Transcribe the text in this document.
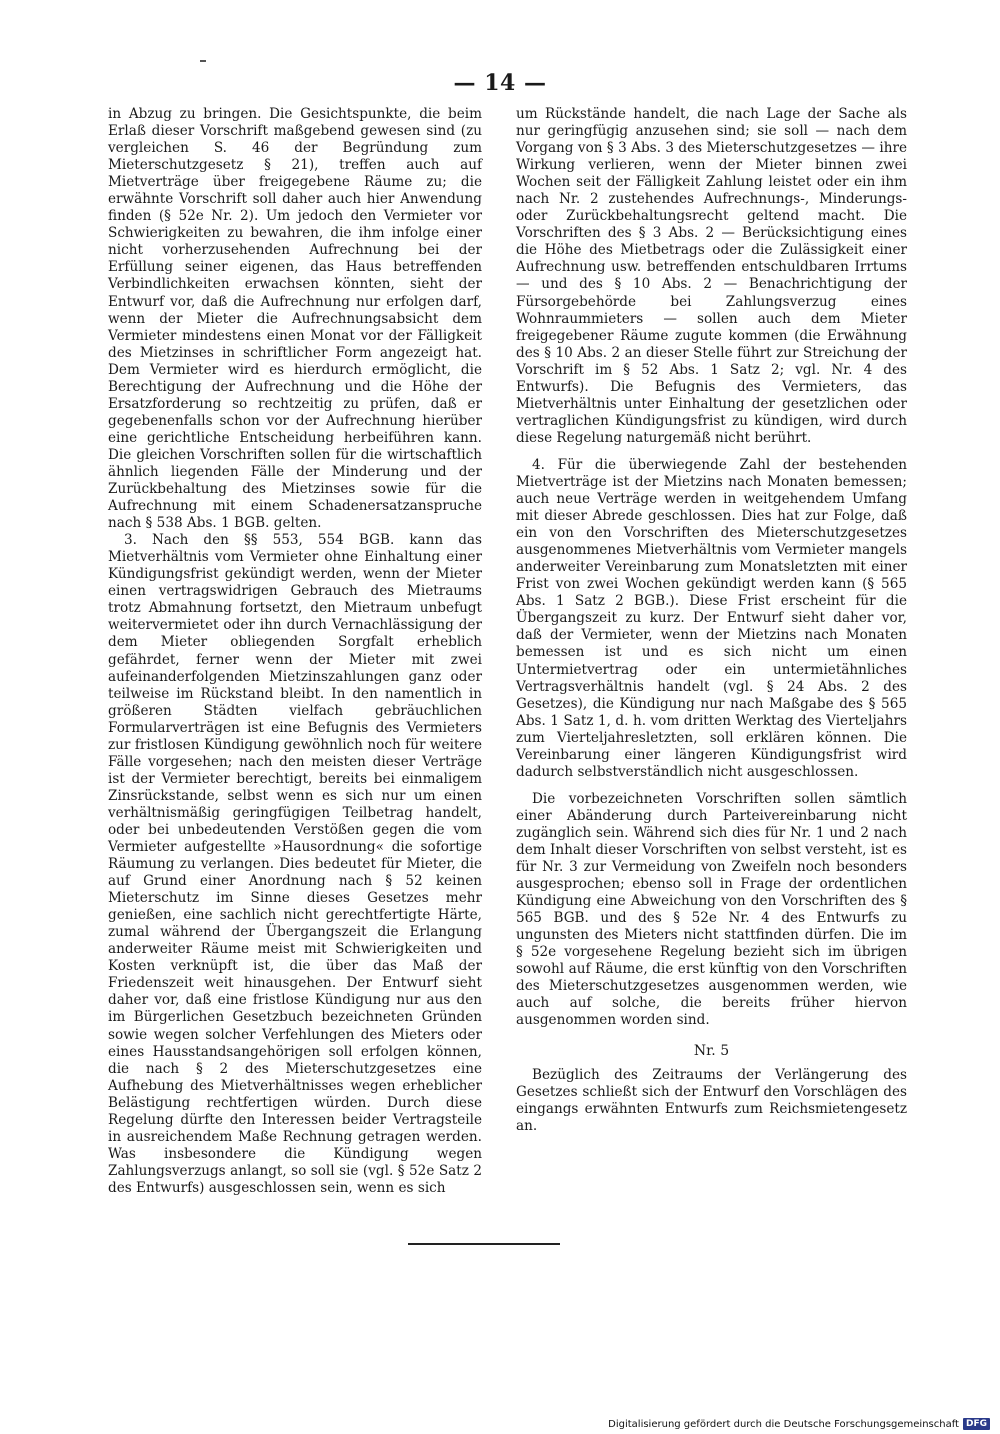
— 14 —

in Abzug zu bringen. Die Gesichtspunkte, die beim Erlaß dieser Vorschrift maßgebend gewesen sind (zu vergleichen S. 46 der Begründung zum Mieterschutzgesetz § 21), treffen auch auf Mietverträge über freigegebene Räume zu; die erwähnte Vorschrift soll daher auch hier Anwendung finden (§ 52e Nr. 2). Um jedoch den Vermieter vor Schwierigkeiten zu bewahren, die ihm infolge einer nicht vorherzusehenden Aufrechnung bei der Erfüllung seiner eigenen, das Haus betreffenden Verbindlichkeiten erwachsen könnten, sieht der Entwurf vor, daß die Aufrechnung nur erfolgen darf, wenn der Mieter die Aufrechnungsabsicht dem Vermieter mindestens einen Monat vor der Fälligkeit des Mietzinses in schriftlicher Form angezeigt hat. Dem Vermieter wird es hierdurch ermöglicht, die Berechtigung der Aufrechnung und die Höhe der Ersatzforderung so rechtzeitig zu prüfen, daß er gegebenenfalls schon vor der Aufrechnung hierüber eine gerichtliche Entscheidung herbeiführen kann. Die gleichen Vorschriften sollen für die wirtschaftlich ähnlich liegenden Fälle der Minderung und der Zurückbehaltung des Mietzinses sowie für die Aufrechnung mit einem Schadenersatzanspruche nach § 538 Abs. 1 BGB. gelten.

3. Nach den §§ 553, 554 BGB. kann das Mietverhältnis vom Vermieter ohne Einhaltung einer Kündigungsfrist gekündigt werden, wenn der Mieter einen vertragswidrigen Gebrauch des Mietraums trotz Abmahnung fortsetzt, den Mietraum unbefugt weitervermietet oder ihn durch Vernachlässigung der dem Mieter obliegenden Sorgfalt erheblich gefährdet, ferner wenn der Mieter mit zwei aufeinanderfolgenden Mietzinszahlungen ganz oder teilweise im Rückstand bleibt. In den namentlich in größeren Städten vielfach gebräuchlichen Formularverträgen ist eine Befugnis des Vermieters zur fristlosen Kündigung gewöhnlich noch für weitere Fälle vorgesehen; nach den meisten dieser Verträge ist der Vermieter berechtigt, bereits bei einmaligem Zinsrückstande, selbst wenn es sich nur um einen verhältnismäßig geringfügigen Teilbetrag handelt, oder bei unbedeutenden Verstößen gegen die vom Vermieter aufgestellte »Hausordnung« die sofortige Räumung zu verlangen. Dies bedeutet für Mieter, die auf Grund einer Anordnung nach § 52 keinen Mieterschutz im Sinne dieses Gesetzes mehr genießen, eine sachlich nicht gerechtfertigte Härte, zumal während der Übergangszeit die Erlangung anderweiter Räume meist mit Schwierigkeiten und Kosten verknüpft ist, die über das Maß der Friedenszeit weit hinausgehen. Der Entwurf sieht daher vor, daß eine fristlose Kündigung nur aus den im Bürgerlichen Gesetzbuch bezeichneten Gründen sowie wegen solcher Verfehlungen des Mieters oder eines Hausstandsangehörigen soll erfolgen können, die nach § 2 des Mieterschutzgesetzes eine Aufhebung des Mietverhältnisses wegen erheblicher Belästigung rechtfertigen würden. Durch diese Regelung dürfte den Interessen beider Vertragsteile in ausreichendem Maße Rechnung getragen werden. Was insbesondere die Kündigung wegen Zahlungsverzugs anlangt, so soll sie (vgl. § 52e Satz 2 des Entwurfs) ausgeschlossen sein, wenn es sich

um Rückstände handelt, die nach Lage der Sache als nur geringfügig anzusehen sind; sie soll — nach dem Vorgang von § 3 Abs. 3 des Mieterschutzgesetzes — ihre Wirkung verlieren, wenn der Mieter binnen zwei Wochen seit der Fälligkeit Zahlung leistet oder ein ihm nach Nr. 2 zustehendes Aufrechnungs-, Minderungs- oder Zurückbehaltungsrecht geltend macht. Die Vorschriften des § 3 Abs. 2 — Berücksichtigung eines die Höhe des Mietbetrags oder die Zulässigkeit einer Aufrechnung usw. betreffenden entschuldbaren Irrtums — und des § 10 Abs. 2 — Benachrichtigung der Fürsorgebehörde bei Zahlungsverzug eines Wohnraummieters — sollen auch dem Mieter freigegebener Räume zugute kommen (die Erwähnung des § 10 Abs. 2 an dieser Stelle führt zur Streichung der Vorschrift im § 52 Abs. 1 Satz 2; vgl. Nr. 4 des Entwurfs). Die Befugnis des Vermieters, das Mietverhältnis unter Einhaltung der gesetzlichen oder vertraglichen Kündigungsfrist zu kündigen, wird durch diese Regelung naturgemäß nicht berührt.

4. Für die überwiegende Zahl der bestehenden Mietverträge ist der Mietzins nach Monaten bemessen; auch neue Verträge werden in weitgehendem Umfang mit dieser Abrede geschlossen. Dies hat zur Folge, daß ein von den Vorschriften des Mieterschutzgesetzes ausgenommenes Mietverhältnis vom Vermieter mangels anderweiter Vereinbarung zum Monatsletzten mit einer Frist von zwei Wochen gekündigt werden kann (§ 565 Abs. 1 Satz 2 BGB.). Diese Frist erscheint für die Übergangszeit zu kurz. Der Entwurf sieht daher vor, daß der Vermieter, wenn der Mietzins nach Monaten bemessen ist und es sich nicht um einen Untermietvertrag oder ein untermietähnliches Vertragsverhältnis handelt (vgl. § 24 Abs. 2 des Gesetzes), die Kündigung nur nach Maßgabe des § 565 Abs. 1 Satz 1, d. h. vom dritten Werktag des Vierteljahrs zum Vierteljahresletzten, soll erklären können. Die Vereinbarung einer längeren Kündigungsfrist wird dadurch selbstverständlich nicht ausgeschlossen.

Die vorbezeichneten Vorschriften sollen sämtlich einer Abänderung durch Parteivereinbarung nicht zugänglich sein. Während sich dies für Nr. 1 und 2 nach dem Inhalt dieser Vorschriften von selbst versteht, ist es für Nr. 3 zur Vermeidung von Zweifeln noch besonders ausgesprochen; ebenso soll in Frage der ordentlichen Kündigung eine Abweichung von den Vorschriften des § 565 BGB. und des § 52e Nr. 4 des Entwurfs zu ungunsten des Mieters nicht stattfinden dürfen. Die im § 52e vorgesehene Regelung bezieht sich im übrigen sowohl auf Räume, die erst künftig von den Vorschriften des Mieterschutzgesetzes ausgenommen werden, wie auch auf solche, die bereits früher hiervon ausgenommen worden sind.

Nr. 5

Bezüglich des Zeitraums der Verlängerung des Gesetzes schließt sich der Entwurf den Vorschlägen des eingangs erwähnten Entwurfs zum Reichsmietengesetz an.

Digitalisierung gefördert durch die Deutsche Forschungsgemeinschaft DFG
